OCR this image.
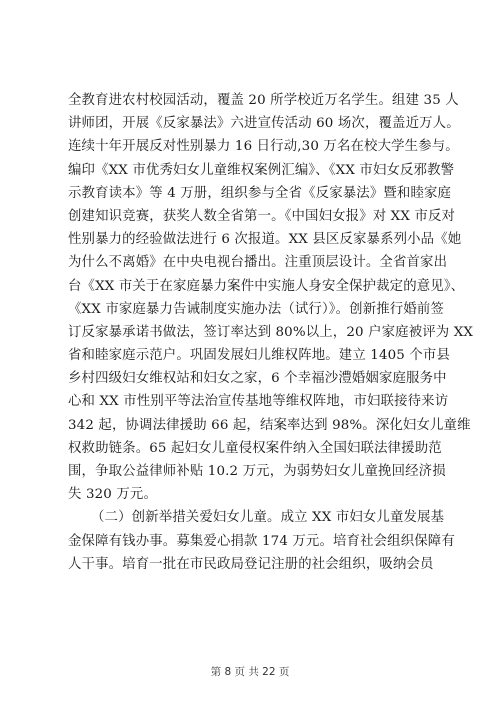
全教育进农村校园活动，覆盖 20 所学校近万名学生。组建 35 人
讲师团，开展《反家暴法》六进宣传活动 60 场次，覆盖近万人。
连续十年开展反对性别暴力 16 日行动,30 万名在校大学生参与。
编印《XX 市优秀妇女儿童维权案例汇编》、《XX 市妇女反邪教警
示教育读本》等 4 万册，组织参与全省《反家暴法》暨和睦家庭
创建知识竞赛，获奖人数全省第一。《中国妇女报》对 XX 市反对
性别暴力的经验做法进行 6 次报道。XX 县区反家暴系列小品《她
为什么不离婚》在中央电视台播出。注重顶层设计。全省首家出
台《XX 市关于在家庭暴力案件中实施人身安全保护裁定的意见》、
《XX 市家庭暴力告诫制度实施办法（试行）》。创新推行婚前签
订反家暴承诺书做法，签订率达到 80%以上，20 户家庭被评为 XX
省和睦家庭示范户。巩固发展妇儿维权阵地。建立 1405 个市县
乡村四级妇女维权站和妇女之家，6 个幸福沙澧婚姻家庭服务中
心和 XX 市性别平等法治宣传基地等维权阵地，市妇联接待来访
342 起，协调法律援助 66 起，结案率达到 98%。深化妇女儿童维
权救助链条。65 起妇女儿童侵权案件纳入全国妇联法律援助范
围，争取公益律师补贴 10.2 万元，为弱势妇女儿童挽回经济损
失 320 万元。
（二）创新举措关爱妇女儿童。成立 XX 市妇女儿童发展基
金保障有钱办事。募集爱心捐款 174 万元。培育社会组织保障有
人干事。培育一批在市民政局登记注册的社会组织，吸纳会员
第 8 页 共 22 页
